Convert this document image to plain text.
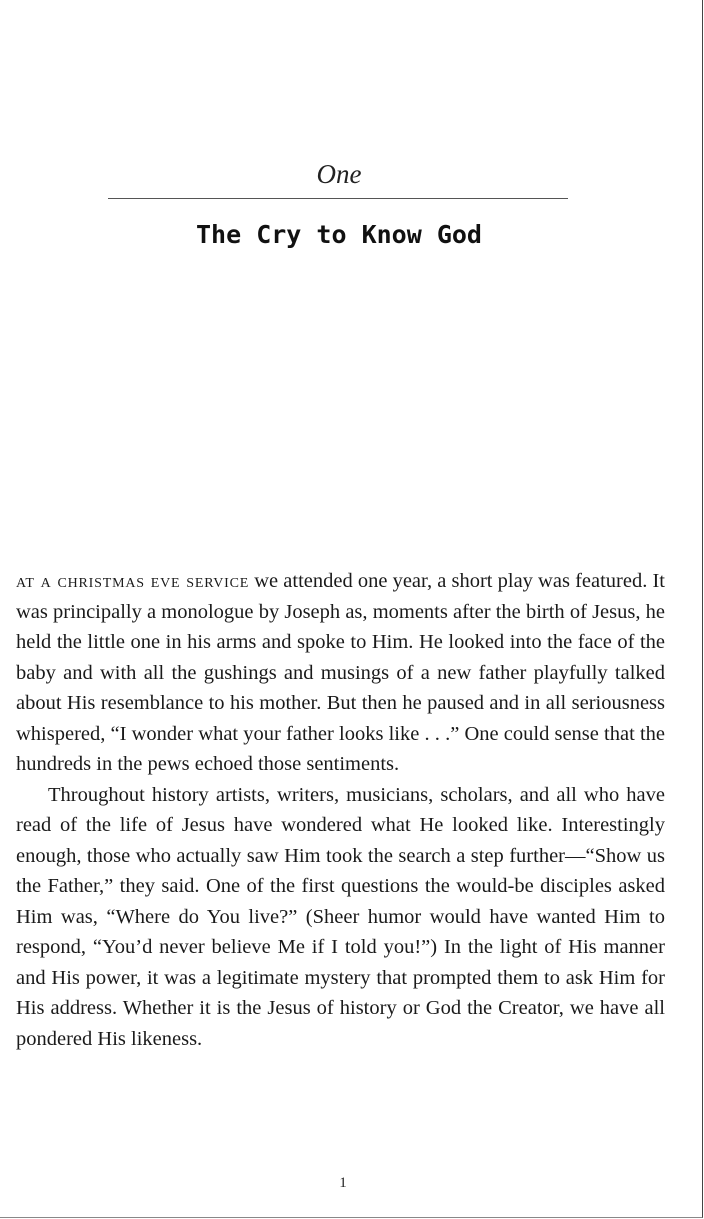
One
The Cry to Know God

at a christmas eve service we attended one year, a short play was featured. It was principally a monologue by Joseph as, moments after the birth of Jesus, he held the little one in his arms and spoke to Him. He looked into the face of the baby and with all the gushings and musings of a new father playfully talked about His resemblance to his mother. But then he paused and in all seriousness whispered, “I wonder what your father looks like . . .” One could sense that the hundreds in the pews echoed those sentiments.

Throughout history artists, writers, musicians, scholars, and all who have read of the life of Jesus have wondered what He looked like. Interestingly enough, those who actually saw Him took the search a step further—“Show us the Father,” they said. One of the first questions the would-be disciples asked Him was, “Where do You live?” (Sheer humor would have wanted Him to respond, “You’d never believe Me if I told you!”) In the light of His manner and His power, it was a legitimate mystery that prompted them to ask Him for His address. Whether it is the Jesus of history or God the Creator, we have all pondered His likeness.

1
